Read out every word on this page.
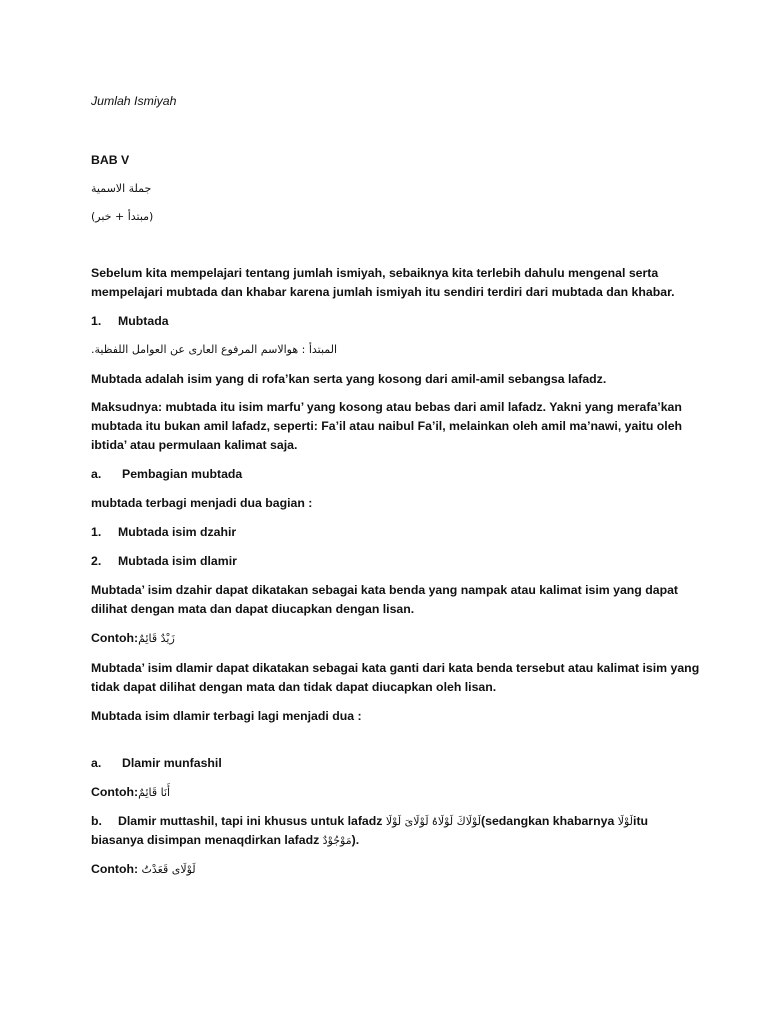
Jumlah Ismiyah
BAB V
جملة الاسمية
(مبتدأ + خبر)
Sebelum kita mempelajari tentang jumlah ismiyah, sebaiknya kita terlebih dahulu mengenal serta
mempelajari mubtada dan khabar karena jumlah ismiyah itu sendiri terdiri dari mubtada dan khabar.
1. Mubtada
المبتدأ : هوالاسم المرفوع العارى عن العوامل اللفظية.
Mubtada adalah isim yang di rofa’kan serta yang kosong dari amil-amil sebangsa lafadz.
Maksudnya: mubtada itu isim marfu’ yang kosong atau bebas dari amil lafadz. Yakni yang merafa’kan
mubtada itu bukan amil lafadz, seperti: Fa’il atau naibul Fa’il, melainkan oleh amil ma’nawi, yaitu oleh
ibtida’ atau permulaan kalimat saja.
a. Pembagian mubtada
mubtada terbagi menjadi dua bagian :
1. Mubtada isim dzahir
2. Mubtada isim dlamir
Mubtada’ isim dzahir dapat dikatakan sebagai kata benda yang nampak atau kalimat isim yang dapat
dilihat dengan mata dan dapat diucapkan dengan lisan.
Contoh:زَيْدٌ قَائِمٌ
Mubtada’ isim dlamir dapat dikatakan sebagai kata ganti dari kata benda tersebut atau kalimat isim yang
tidak dapat dilihat dengan mata dan tidak dapat diucapkan oleh lisan.
Mubtada isim dlamir terbagi lagi menjadi dua :
a. Dlamir munfashil
Contoh:أَنَا قَائِمٌ
b. Dlamir muttashil, tapi ini khusus untuk lafadz لَوْلَاكَ لَوْلَاهُ لَوْلَاىَ لَوْلَا(sedangkan khabarnya لَوْلَاitu
biasanya disimpan menaqdirkan lafadz مَوْجُوْدٌ).
Contoh: لَوْلَاى قَعَدْتُ
